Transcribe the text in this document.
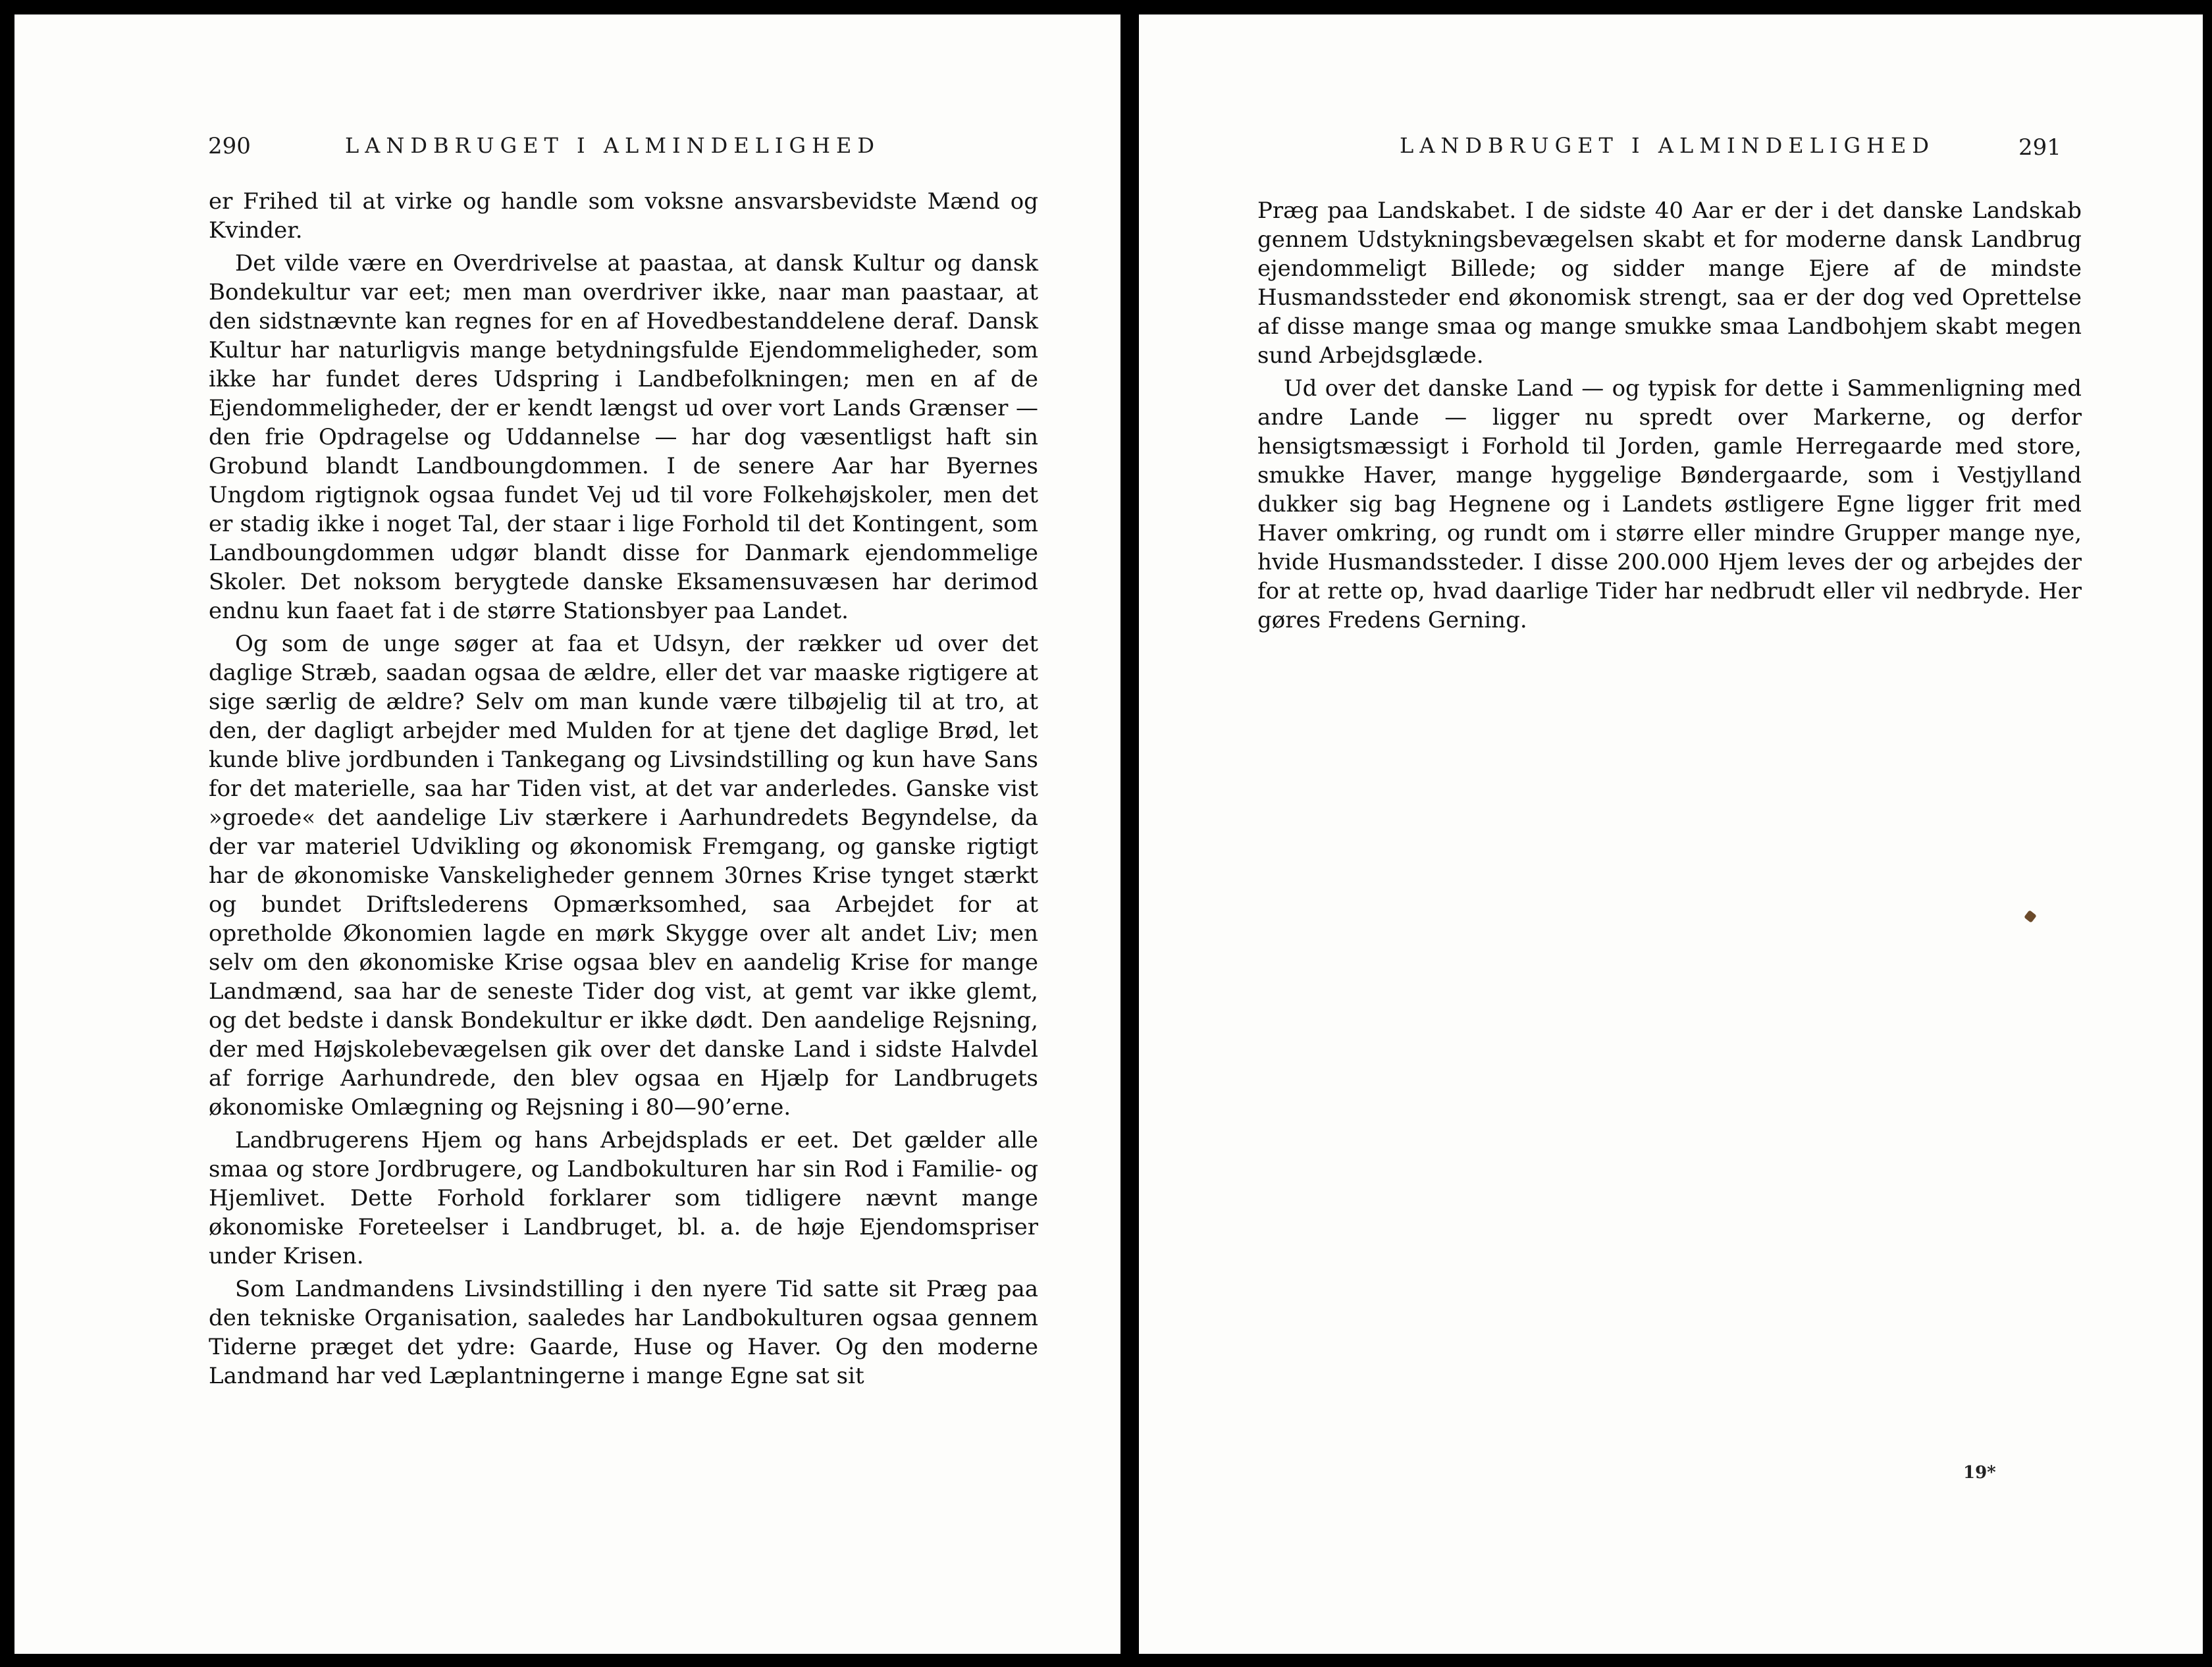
290	LANDBRUGET I ALMINDELIGHED

er Frihed til at virke og handle som voksne ansvarsbevidste Mænd og Kvinder.

Det vilde være en Overdrivelse at paastaa, at dansk Kultur og dansk Bondekultur var eet; men man overdriver ikke, naar man paastaar, at den sidstnævnte kan regnes for en af Hovedbestanddelene deraf. Dansk Kultur har naturligvis mange betydningsfulde Ejendommeligheder, som ikke har fundet deres Udspring i Landbefolkningen; men en af de Ejendommeligheder, der er kendt længst ud over vort Lands Grænser — den frie Opdragelse og Uddannelse — har dog væsentligst haft sin Grobund blandt Landboungdommen. I de senere Aar har Byernes Ungdom rigtignok ogsaa fundet Vej ud til vore Folkehøjskoler, men det er stadig ikke i noget Tal, der staar i lige Forhold til det Kontingent, som Landboungdommen udgør blandt disse for Danmark ejendommelige Skoler. Det noksom berygtede danske Eksamensuvæsen har derimod endnu kun faaet fat i de større Stationsbyer paa Landet.

Og som de unge søger at faa et Udsyn, der rækker ud over det daglige Stræb, saadan ogsaa de ældre, eller det var maaske rigtigere at sige særlig de ældre? Selv om man kunde være tilbøjelig til at tro, at den, der dagligt arbejder med Mulden for at tjene det daglige Brød, let kunde blive jordbunden i Tankegang og Livsindstilling og kun have Sans for det materielle, saa har Tiden vist, at det var anderledes. Ganske vist »groede« det aandelige Liv stærkere i Aarhundredets Begyndelse, da der var materiel Udvikling og økonomisk Fremgang, og ganske rigtigt har de økonomiske Vanskeligheder gennem 30rnes Krise tynget stærkt og bundet Driftslederens Opmærksomhed, saa Arbejdet for at opretholde Økonomien lagde en mørk Skygge over alt andet Liv; men selv om den økonomiske Krise ogsaa blev en aandelig Krise for mange Landmænd, saa har de seneste Tider dog vist, at gemt var ikke glemt, og det bedste i dansk Bondekultur er ikke dødt. Den aandelige Rejsning, der med Højskolebevægelsen gik over det danske Land i sidste Halvdel af forrige Aarhundrede, den blev ogsaa en Hjælp for Landbrugets økonomiske Omlægning og Rejsning i 80—90’erne.

Landbrugerens Hjem og hans Arbejdsplads er eet. Det gælder alle smaa og store Jordbrugere, og Landbokulturen har sin Rod i Familie- og Hjemlivet. Dette Forhold forklarer som tidligere nævnt mange økonomiske Foreteelser i Landbruget, bl. a. de høje Ejendomspriser under Krisen.

Som Landmandens Livsindstilling i den nyere Tid satte sit Præg paa den tekniske Organisation, saaledes har Landbokulturen ogsaa gennem Tiderne præget det ydre: Gaarde, Huse og Haver. Og den moderne Landmand har ved Læplantningerne i mange Egne sat sit

LANDBRUGET I ALMINDELIGHED	291

Præg paa Landskabet. I de sidste 40 Aar er der i det danske Landskab gennem Udstykningsbevægelsen skabt et for moderne dansk Landbrug ejendommeligt Billede; og sidder mange Ejere af de mindste Husmandssteder end økonomisk strengt, saa er der dog ved Oprettelse af disse mange smaa og mange smukke smaa Landbohjem skabt megen sund Arbejdsglæde.

Ud over det danske Land — og typisk for dette i Sammenligning med andre Lande — ligger nu spredt over Markerne, og derfor hensigtsmæssigt i Forhold til Jorden, gamle Herregaarde med store, smukke Haver, mange hyggelige Bøndergaarde, som i Vestjylland dukker sig bag Hegnene og i Landets østligere Egne ligger frit med Haver omkring, og rundt om i større eller mindre Grupper mange nye, hvide Husmandssteder. I disse 200.000 Hjem leves der og arbejdes der for at rette op, hvad daarlige Tider har nedbrudt eller vil nedbryde. Her gøres Fredens Gerning.

19*
